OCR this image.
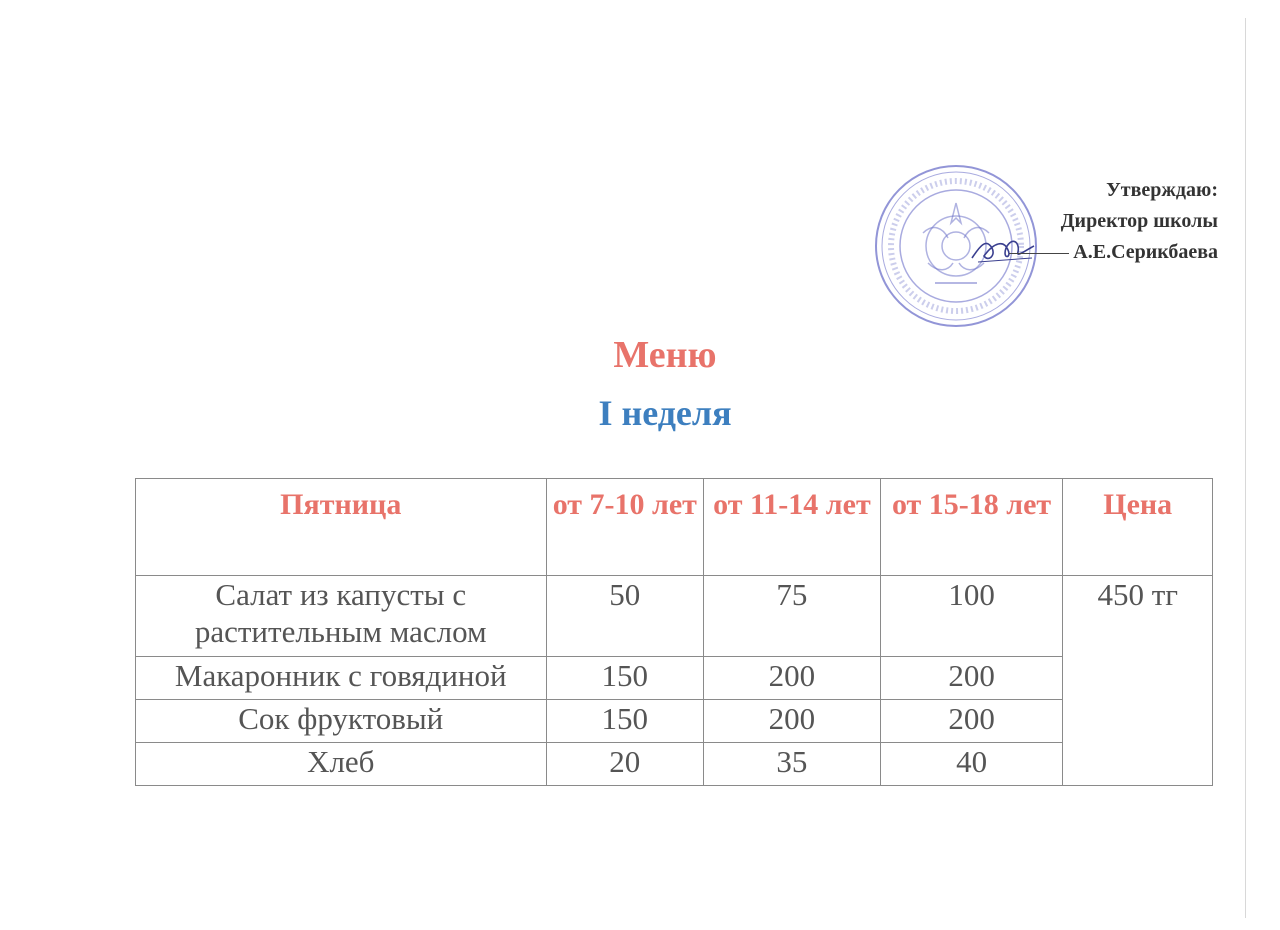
Утверждаю:
Директор школы
А.Е.Серикбаева
Меню
I неделя
Пятница	от 7-10 лет	от 11-14 лет	от 15-18 лет	Цена
Салат из капусты с растительным маслом	50	75	100	450 тг
Макаронник с говядиной	150	200	200	
Сок фруктовый	150	200	200	
Хлеб	20	35	40	
